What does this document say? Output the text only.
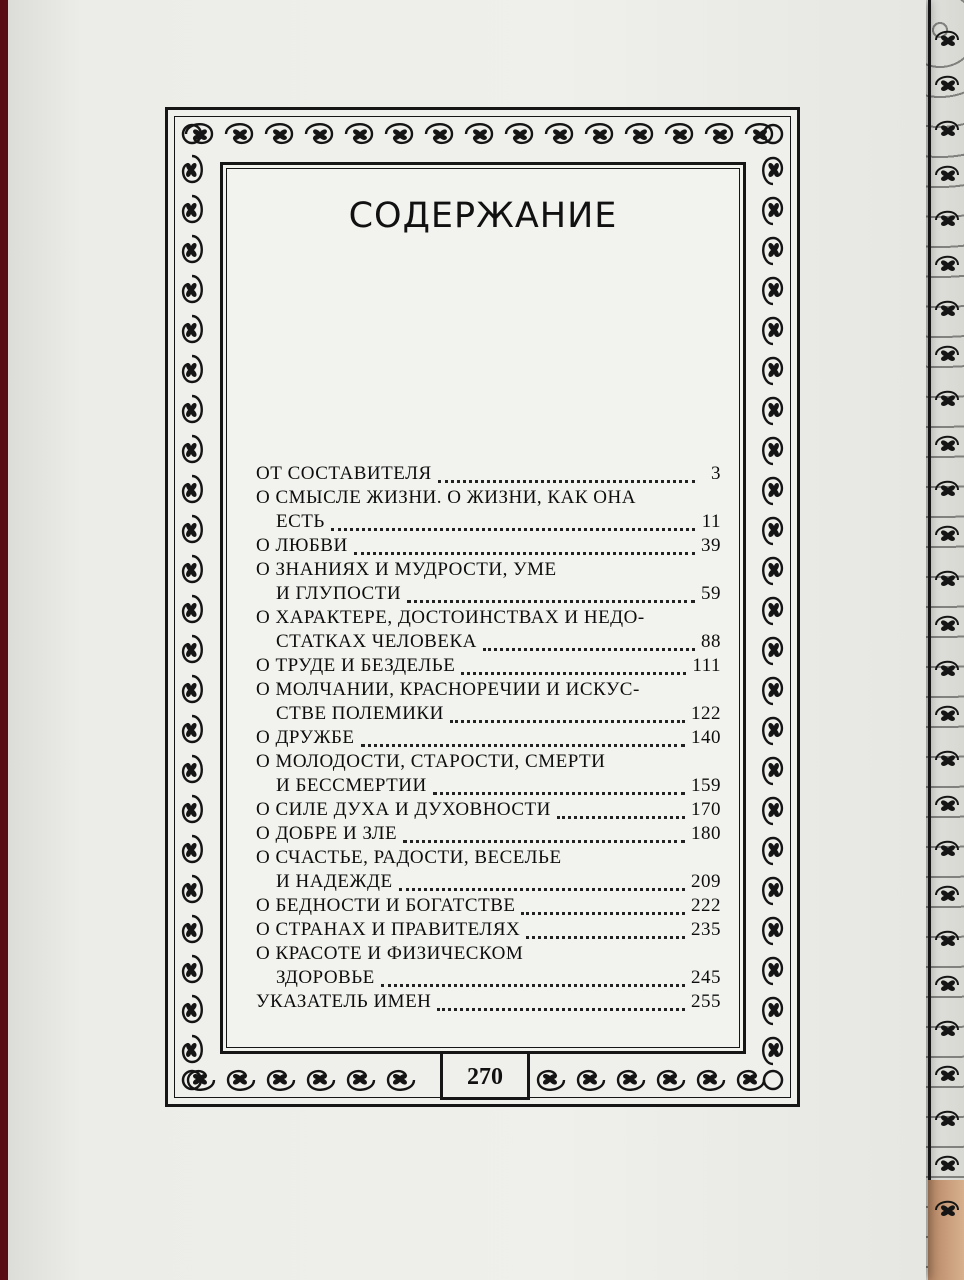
СОДЕРЖАНИЕ
ОТ СОСТАВИТЕЛЯ	3
О СМЫСЛЕ ЖИЗНИ. О ЖИЗНИ, КАК ОНА
ЕСТЬ	11
О ЛЮБВИ	39
О ЗНАНИЯХ И МУДРОСТИ, УМЕ
И ГЛУПОСТИ	59
О ХАРАКТЕРЕ, ДОСТОИНСТВАХ И НЕДО-
СТАТКАХ ЧЕЛОВЕКА	88
О ТРУДЕ И БЕЗДЕЛЬЕ	111
О МОЛЧАНИИ, КРАСНОРЕЧИИ И ИСКУС-
СТВЕ ПОЛЕМИКИ	122
О ДРУЖБЕ	140
О МОЛОДОСТИ, СТАРОСТИ, СМЕРТИ
И БЕССМЕРТИИ	159
О СИЛЕ ДУХА И ДУХОВНОСТИ	170
О ДОБРЕ И ЗЛЕ	180
О СЧАСТЬЕ, РАДОСТИ, ВЕСЕЛЬЕ
И НАДЕЖДЕ	209
О БЕДНОСТИ И БОГАТСТВЕ	222
О СТРАНАХ И ПРАВИТЕЛЯХ	235
О КРАСОТЕ И ФИЗИЧЕСКОМ
ЗДОРОВЬЕ	245
УКАЗАТЕЛЬ ИМЕН	255
270
